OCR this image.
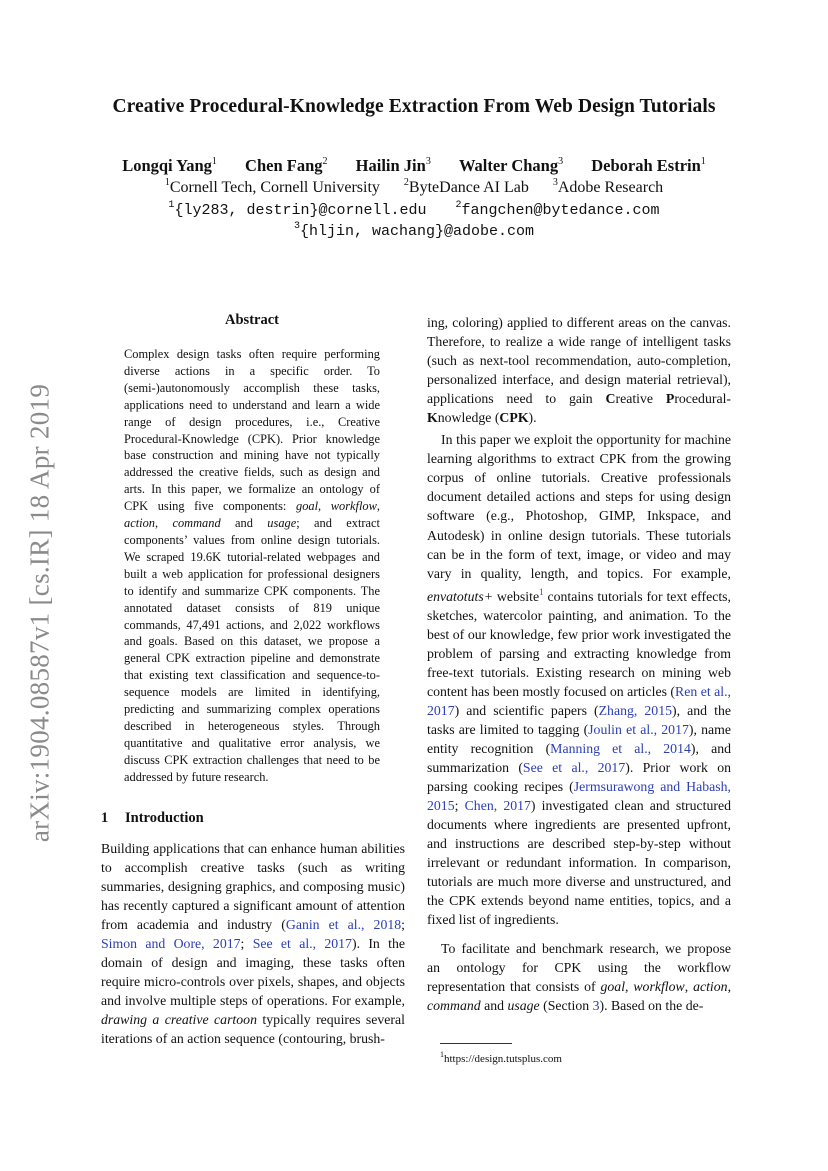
arXiv:1904.08587v1 [cs.IR] 18 Apr 2019
Creative Procedural-Knowledge Extraction From Web Design Tutorials
Longqi Yang$^1$ Chen Fang$^2$ Hailin Jin$^3$ Walter Chang$^3$ Deborah Estrin$^1$
$^1$Cornell Tech, Cornell University $^2$ByteDance AI Lab $^3$Adobe Research
$^1${ly283, destrin}@cornell.edu	$^2$fangchen@bytedance.com
$^3${hljin, wachang}@adobe.com
Abstract

Complex design tasks often require performing diverse actions in a specific order. To (semi-)autonomously accomplish these tasks, applications need to understand and learn a wide range of design procedures, i.e., Creative Procedural-Knowledge (CPK). Prior knowledge base construction and mining have not typically addressed the creative fields, such as design and arts. In this paper, we formalize an ontology of CPK using five components: goal, workflow, action, command and usage; and extract components’ values from online design tutorials. We scraped 19.6K tutorial-related webpages and built a web application for professional designers to identify and summarize CPK components. The annotated dataset consists of 819 unique commands, 47,491 actions, and 2,022 workflows and goals. Based on this dataset, we propose a general CPK extraction pipeline and demonstrate that existing text classification and sequence-to-sequence models are limited in identifying, predicting and summarizing complex operations described in heterogeneous styles. Through quantitative and qualitative error analysis, we discuss CPK extraction challenges that need to be addressed by future research.

1 Introduction

Building applications that can enhance human abilities to accomplish creative tasks (such as writing summaries, designing graphics, and composing music) has recently captured a significant amount of attention from academia and industry (Ganin et al., 2018; Simon and Oore, 2017; See et al., 2017). In the domain of design and imaging, these tasks often require micro-controls over pixels, shapes, and objects and involve multiple steps of operations. For example, drawing a creative cartoon typically requires several iterations of an action sequence (contouring, brush-

ing, coloring) applied to different areas on the canvas. Therefore, to realize a wide range of intelligent tasks (such as next-tool recommendation, auto-completion, personalized interface, and design material retrieval), applications need to gain Creative Procedural-Knowledge (CPK).

In this paper we exploit the opportunity for machine learning algorithms to extract CPK from the growing corpus of online tutorials. Creative professionals document detailed actions and steps for using design software (e.g., Photoshop, GIMP, Inkspace, and Autodesk) in online design tutorials. These tutorials can be in the form of text, image, or video and may vary in quality, length, and topics. For example, envatotuts+ website$^1$ contains tutorials for text effects, sketches, watercolor painting, and animation. To the best of our knowledge, few prior work investigated the problem of parsing and extracting knowledge from free-text tutorials. Existing research on mining web content has been mostly focused on articles (Ren et al., 2017) and scientific papers (Zhang, 2015), and the tasks are limited to tagging (Joulin et al., 2017), name entity recognition (Manning et al., 2014), and summarization (See et al., 2017). Prior work on parsing cooking recipes (Jermsurawong and Habash, 2015; Chen, 2017) investigated clean and structured documents where ingredients are presented upfront, and instructions are described step-by-step without irrelevant or redundant information. In comparison, tutorials are much more diverse and unstructured, and the CPK extends beyond name entities, topics, and a fixed list of ingredients.

To facilitate and benchmark research, we propose an ontology for CPK using the workflow representation that consists of goal, workflow, action, command and usage (Section 3). Based on the de-

$^1$https://design.tutsplus.com
